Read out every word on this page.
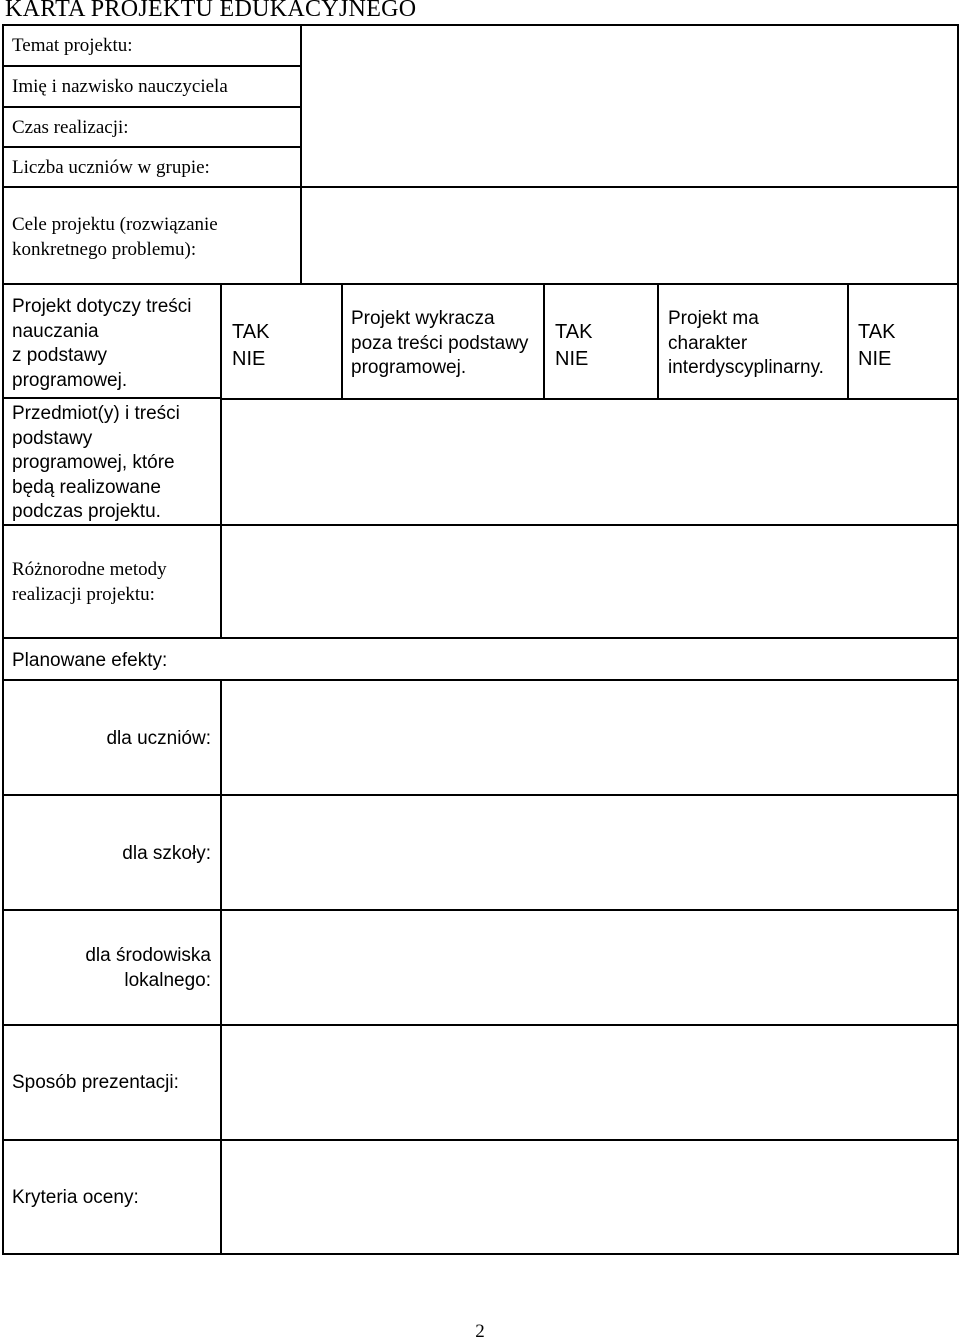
KARTA PROJEKTU EDUKACYJNEGO
Temat projektu:
Imię i nazwisko nauczyciela
Czas realizacji:
Liczba uczniów w grupie:
Cele projektu (rozwiązanie
konkretnego problemu):
Projekt dotyczy treści
nauczania
z podstawy
programowej.
Przedmiot(y) i treści
podstawy
programowej, które
będą realizowane
podczas projektu.
TAK
NIE
Projekt wykracza
poza treści podstawy
programowej.
TAK
NIE
Projekt ma
charakter
interdyscyplinarny.
TAK
NIE
Różnorodne metody
realizacji projektu:
Planowane efekty:
dla uczniów:
dla szkoły:
dla środowiska
lokalnego:
Sposób prezentacji:
Kryteria oceny:
2
